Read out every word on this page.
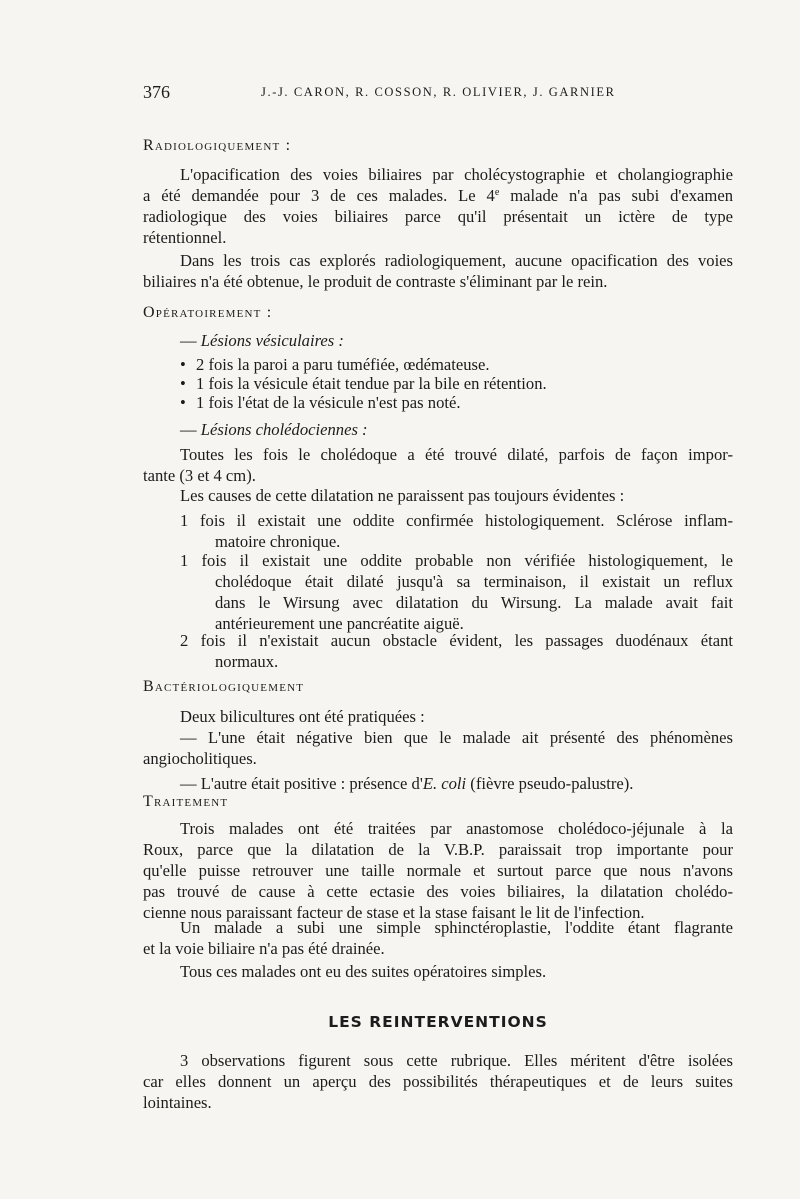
376	J.-J. CARON, R. COSSON, R. OLIVIER, J. GARNIER
Radiologiquement :
L'opacification des voies biliaires par cholécystographie et cholangiographie
a été demandée pour 3 de ces malades. Le 4e malade n'a pas subi d'examen
radiologique des voies biliaires parce qu'il présentait un ictère de type
rétentionnel.
Dans les trois cas explorés radiologiquement, aucune opacification des voies
biliaires n'a été obtenue, le produit de contraste s'éliminant par le rein.
Opératoirement :
— Lésions vésiculaires :
• 2 fois la paroi a paru tuméfiée, œdémateuse.
• 1 fois la vésicule était tendue par la bile en rétention.
• 1 fois l'état de la vésicule n'est pas noté.
— Lésions cholédociennes :
Toutes les fois le cholédoque a été trouvé dilaté, parfois de façon impor-
tante (3 et 4 cm).
Les causes de cette dilatation ne paraissent pas toujours évidentes :
1 fois il existait une oddite confirmée histologiquement. Sclérose inflam-
matoire chronique.
1 fois il existait une oddite probable non vérifiée histologiquement, le
cholédoque était dilaté jusqu'à sa terminaison, il existait un reflux
dans le Wirsung avec dilatation du Wirsung. La malade avait fait
antérieurement une pancréatite aiguë.
2 fois il n'existait aucun obstacle évident, les passages duodénaux étant
normaux.
Bactériologiquement
Deux bilicultures ont été pratiquées :
— L'une était négative bien que le malade ait présenté des phénomènes
angiocholitiques.
— L'autre était positive : présence d'E. coli (fièvre pseudo-palustre).
Traitement
Trois malades ont été traitées par anastomose cholédoco-jéjunale à la
Roux, parce que la dilatation de la V.B.P. paraissait trop importante pour
qu'elle puisse retrouver une taille normale et surtout parce que nous n'avons
pas trouvé de cause à cette ectasie des voies biliaires, la dilatation cholédo-
cienne nous paraissant facteur de stase et la stase faisant le lit de l'infection.
Un malade a subi une simple sphinctéroplastie, l'oddite étant flagrante
et la voie biliaire n'a pas été drainée.
Tous ces malades ont eu des suites opératoires simples.
LES REINTERVENTIONS
3 observations figurent sous cette rubrique. Elles méritent d'être isolées
car elles donnent un aperçu des possibilités thérapeutiques et de leurs suites
lointaines.
